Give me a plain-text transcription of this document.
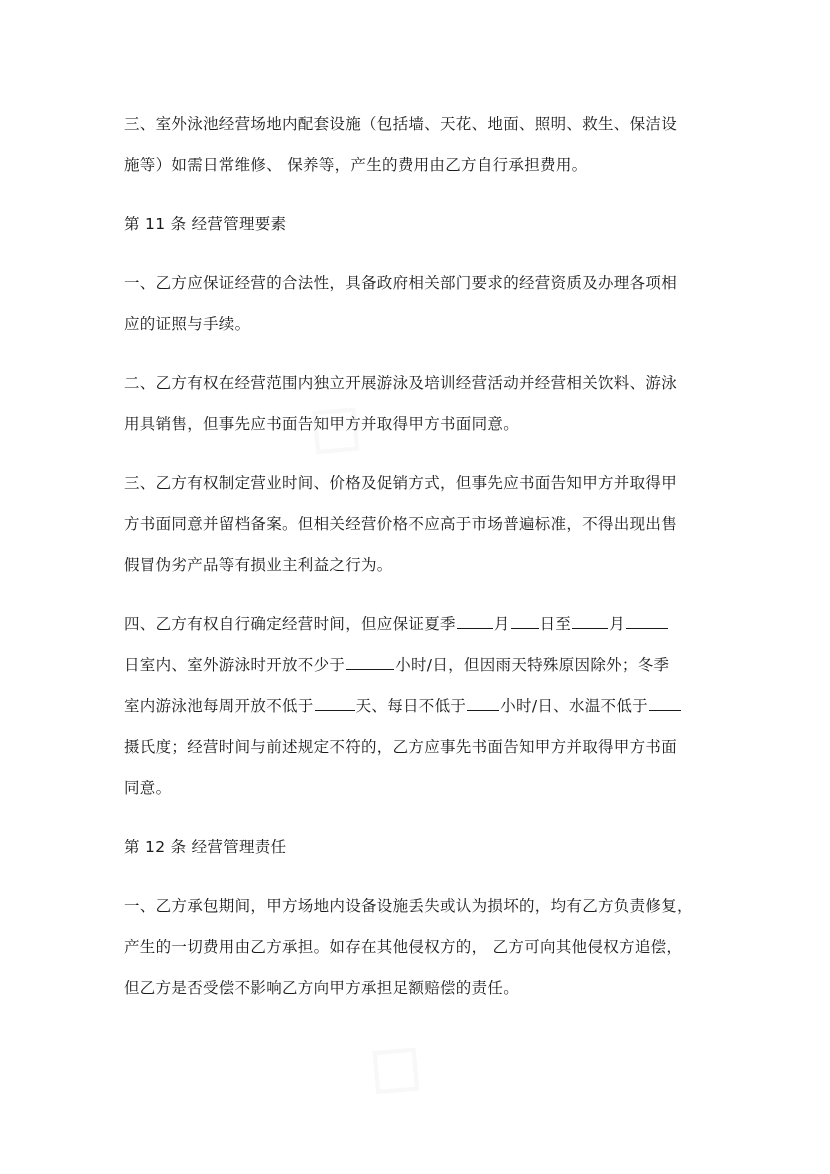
三、室外泳池经营场地内配套设施（包括墙、天花、地面、照明、救生、保洁设
施等）如需日常维修、 保养等，产生的费用由乙方自行承担费用。
第 11 条 经营管理要素
一、乙方应保证经营的合法性，具备政府相关部门要求的经营资质及办理各项相
应的证照与手续。
二、乙方有权在经营范围内独立开展游泳及培训经营活动并经营相关饮料、游泳
用具销售，但事先应书面告知甲方并取得甲方书面同意。
三、乙方有权制定营业时间、价格及促销方式，但事先应书面告知甲方并取得甲
方书面同意并留档备案。但相关经营价格不应高于市场普遍标准，不得出现出售
假冒伪劣产品等有损业主利益之行为。
四、乙方有权自行确定经营时间，但应保证夏季 月 日至 月
日室内、室外游泳时开放不少于	小时/日，但因雨天特殊原因除外；冬季
室内游泳池每周开放不低于	天、每日不低于 小时/日、水温不低于
摄氏度；经营时间与前述规定不符的，乙方应事先书面告知甲方并取得甲方书面
同意。
第 12 条 经营管理责任
一、乙方承包期间，甲方场地内设备设施丢失或认为损坏的，均有乙方负责修复，
产生的一切费用由乙方承担。如存在其他侵权方的， 乙方可向其他侵权方追偿，
但乙方是否受偿不影响乙方向甲方承担足额赔偿的责任。
◇
◇
